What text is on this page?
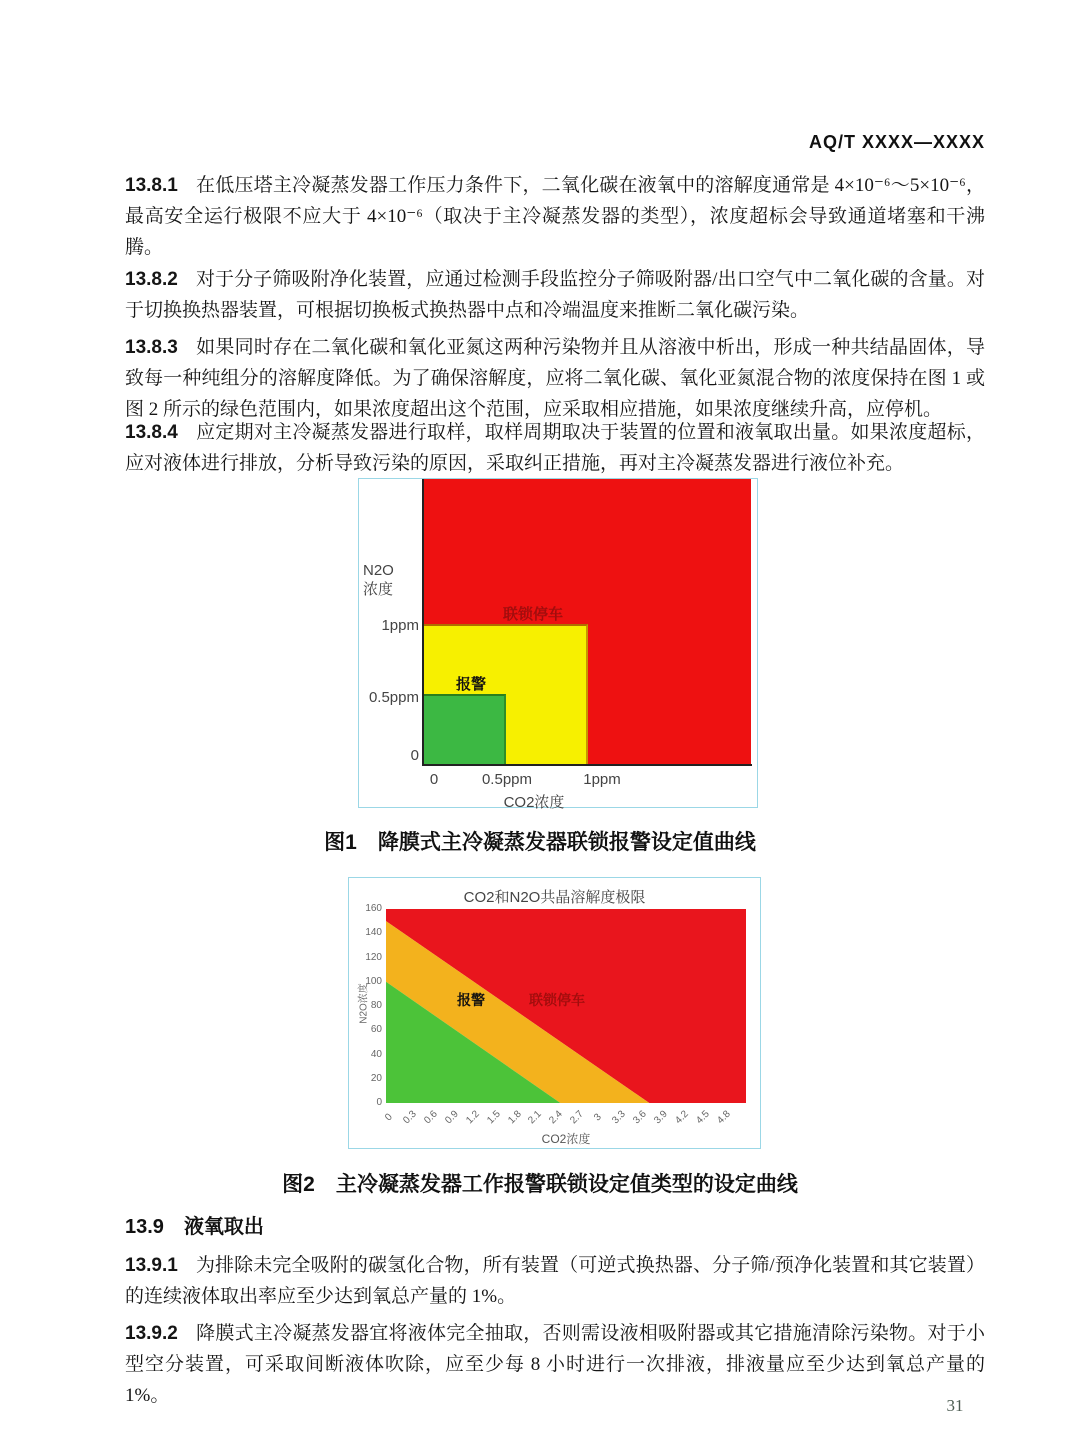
AQ/T XXXX—XXXX
13.8.1 在低压塔主冷凝蒸发器工作压力条件下，二氧化碳在液氧中的溶解度通常是 4×10⁻⁶～5×10⁻⁶，最高安全运行极限不应大于 4×10⁻⁶（取决于主冷凝蒸发器的类型），浓度超标会导致通道堵塞和干沸腾。
13.8.2 对于分子筛吸附净化装置，应通过检测手段监控分子筛吸附器/出口空气中二氧化碳的含量。对于切换换热器装置，可根据切换板式换热器中点和冷端温度来推断二氧化碳污染。
13.8.3 如果同时存在二氧化碳和氧化亚氮这两种污染物并且从溶液中析出，形成一种共结晶固体，导致每一种纯组分的溶解度降低。为了确保溶解度，应将二氧化碳、氧化亚氮混合物的浓度保持在图 1 或图 2 所示的绿色范围内，如果浓度超出这个范围，应采取相应措施，如果浓度继续升高，应停机。
13.8.4 应定期对主冷凝蒸发器进行取样，取样周期取决于装置的位置和液氧取出量。如果浓度超标，应对液体进行排放，分析导致污染的原因，采取纠正措施，再对主冷凝蒸发器进行液位补充。
N2O
浓度
1ppm
0.5ppm
0
0	0.5ppm	1ppm
CO2浓度
报警
联锁停车
图1　降膜式主冷凝蒸发器联锁报警设定值曲线
CO2和N2O共晶溶解度极限
160
140
120
100
80
60
40
20
0
N2O浓度
0 0.3 0.6 0.9 1.2 1.5 1.8 2.1 2.4 2.7 3 3.3 3.6 3.9 4.2 4.5 4.8
CO2浓度
报警	联锁停车
图2　主冷凝蒸发器工作报警联锁设定值类型的设定曲线
13.9 液氧取出
13.9.1 为排除未完全吸附的碳氢化合物，所有装置（可逆式换热器、分子筛/预净化装置和其它装置）的连续液体取出率应至少达到氧总产量的 1%。
13.9.2 降膜式主冷凝蒸发器宜将液体完全抽取，否则需设液相吸附器或其它措施清除污染物。对于小型空分装置，可采取间断液体吹除，应至少每 8 小时进行一次排液，排液量应至少达到氧总产量的 1%。	31
